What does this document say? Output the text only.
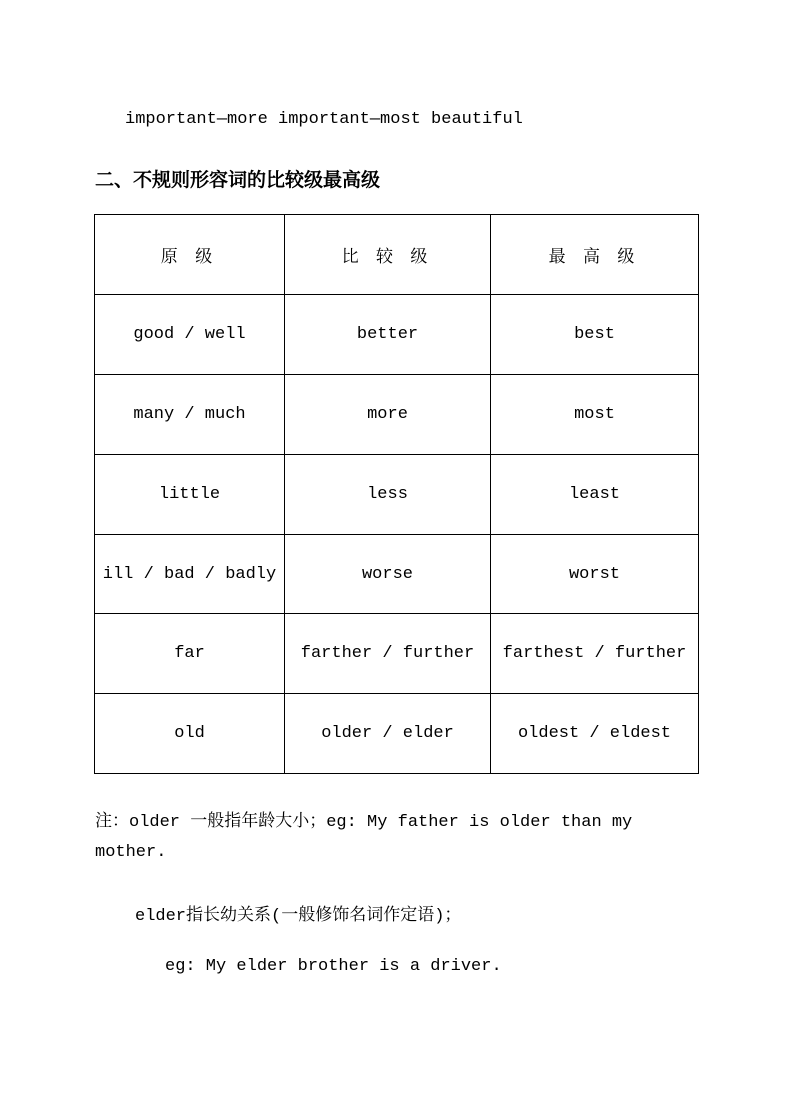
important—more important—most beautiful
二、不规则形容词的比较级最高级
原 级	比 较 级	最 高 级
good / well	better	best
many / much	more	most
little	less	least
ill / bad / badly	worse	worst
far	farther / further	farthest / further
old	older / elder	oldest / eldest
注：older 一般指年龄大小；eg: My father is older than my
mother.
elder指长幼关系(一般修饰名词作定语)；
eg: My elder brother is a driver.
